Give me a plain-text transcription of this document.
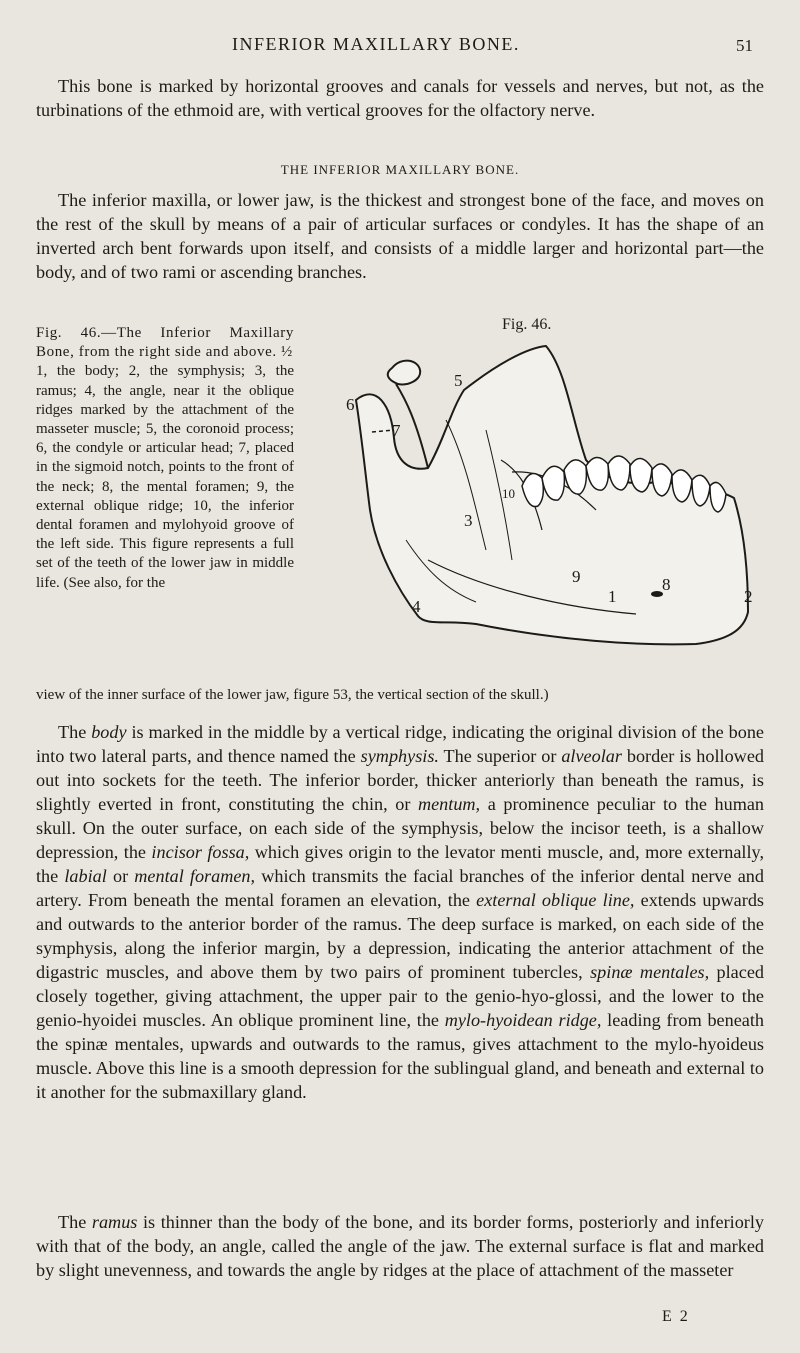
INFERIOR MAXILLARY BONE.	51

This bone is marked by horizontal grooves and canals for vessels and nerves, but not, as the turbinations of the ethmoid are, with vertical grooves for the olfactory nerve.

THE INFERIOR MAXILLARY BONE.

The inferior maxilla, or lower jaw, is the thickest and strongest bone of the face, and moves on the rest of the skull by means of a pair of articular surfaces or condyles. It has the shape of an inverted arch bent forwards upon itself, and consists of a middle larger and horizontal part—the body, and of two rami or ascending branches.

Fig. 46.—The Inferior Maxillary Bone, from the right side and above. ½
1, the body; 2, the symphysis; 3, the ramus; 4, the angle, near it the oblique ridges marked by the attachment of the masseter muscle; 5, the coronoid process; 6, the condyle or articular head; 7, placed in the sigmoid notch, points to the front of the neck; 8, the mental foramen; 9, the external oblique ridge; 10, the inferior dental foramen and mylohyoid groove of the left side. This figure represents a full set of the teeth of the lower jaw in middle life. (See also, for the

Fig. 46.
1	2
3
4
5
6
7
8
9
10

view of the inner surface of the lower jaw, figure 53, the vertical section of the skull.)

The body is marked in the middle by a vertical ridge, indicating the original division of the bone into two lateral parts, and thence named the symphysis. The superior or alveolar border is hollowed out into sockets for the teeth. The inferior border, thicker anteriorly than beneath the ramus, is slightly everted in front, constituting the chin, or mentum, a prominence peculiar to the human skull. On the outer surface, on each side of the symphysis, below the incisor teeth, is a shallow depression, the incisor fossa, which gives origin to the levator menti muscle, and, more externally, the labial or mental foramen, which transmits the facial branches of the inferior dental nerve and artery. From beneath the mental foramen an elevation, the external oblique line, extends upwards and outwards to the anterior border of the ramus. The deep surface is marked, on each side of the symphysis, along the inferior margin, by a depression, indicating the anterior attachment of the digastric muscles, and above them by two pairs of prominent tubercles, spinæ mentales, placed closely together, giving attachment, the upper pair to the genio-hyo-glossi, and the lower to the genio-hyoidei muscles. An oblique prominent line, the mylo-hyoidean ridge, leading from beneath the spinæ mentales, upwards and outwards to the ramus, gives attachment to the mylo-hyoideus muscle. Above this line is a smooth depression for the sublingual gland, and beneath and external to it another for the submaxillary gland.

The ramus is thinner than the body of the bone, and its border forms, posteriorly and inferiorly with that of the body, an angle, called the angle of the jaw. The external surface is flat and marked by slight unevenness, and towards the angle by ridges at the place of attachment of the masseter

E 2
